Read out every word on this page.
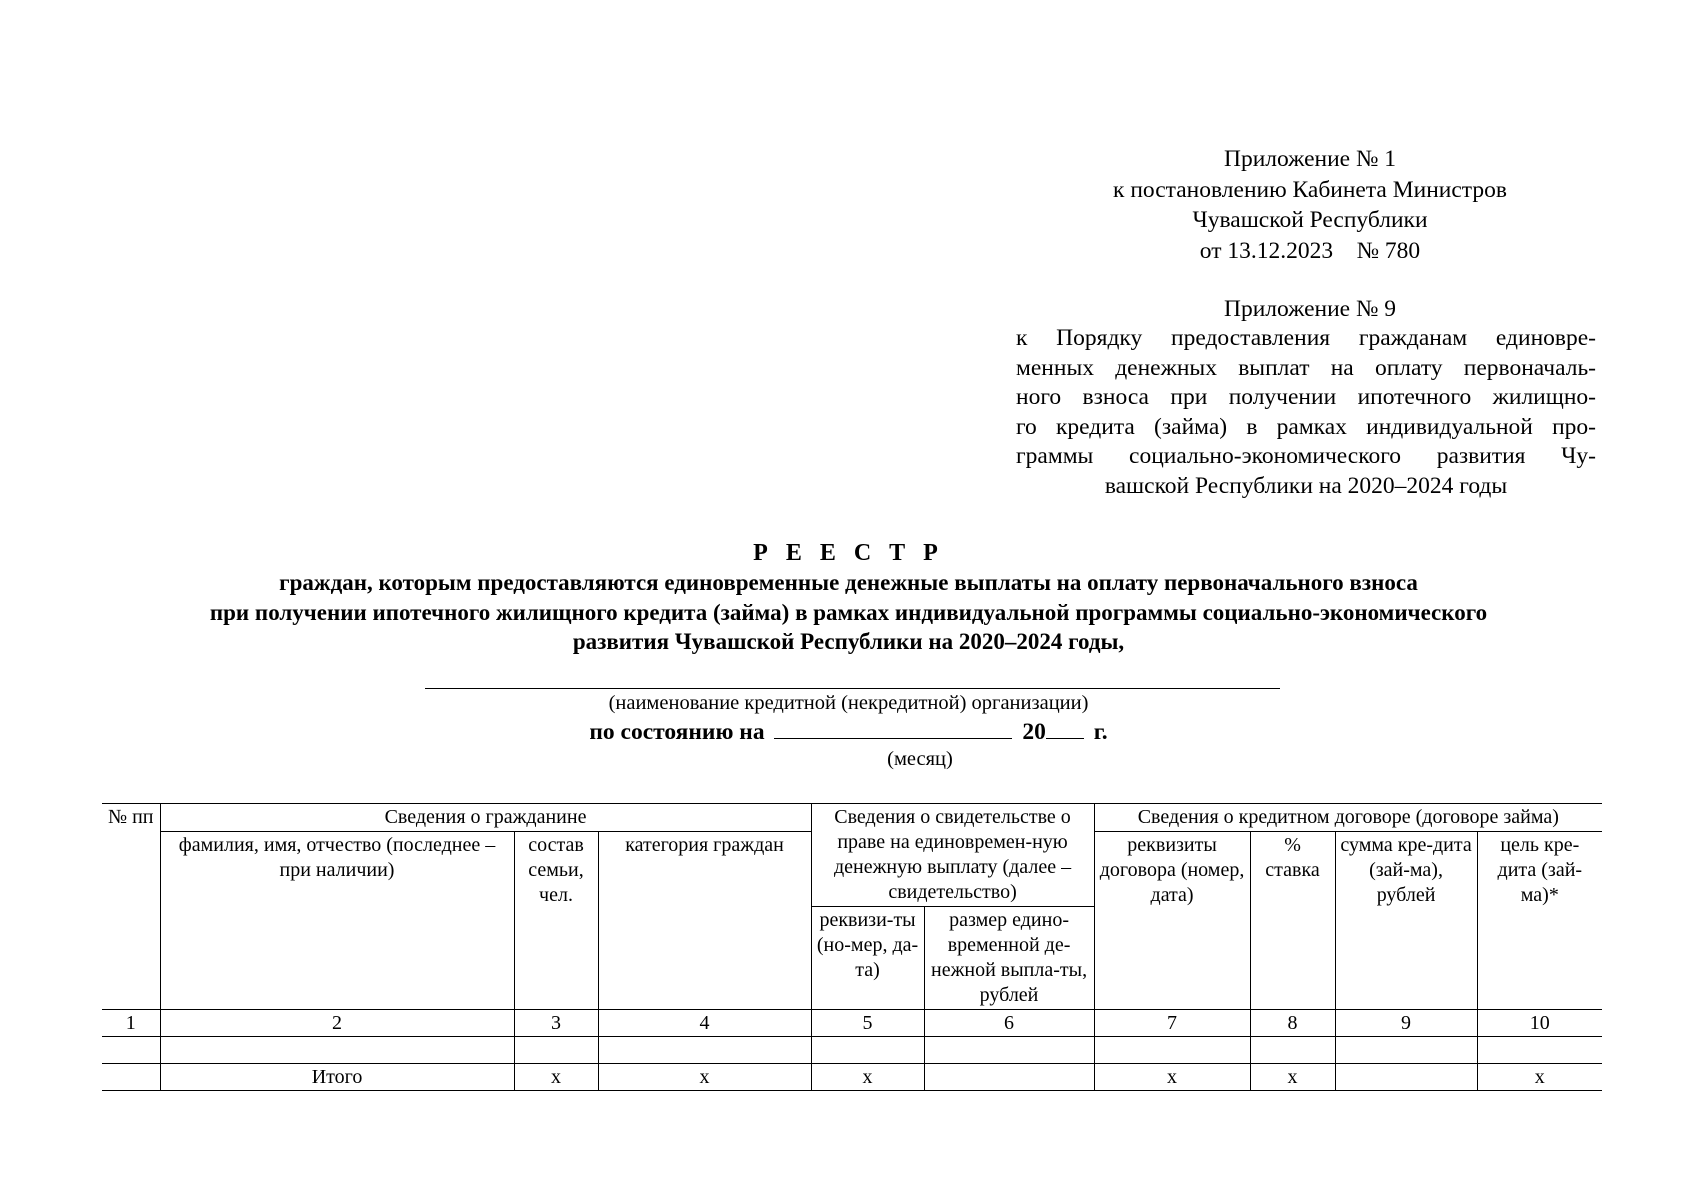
Приложение № 1
к постановлению Кабинета Министров
Чувашской Республики
от 13.12.2023    № 780
Приложение № 9
к Порядку предоставления гражданам единовре-
менных денежных выплат на оплату первоначаль-
ного взноса при получении ипотечного жилищно-
го кредита (займа) в рамках индивидуальной про-
граммы социально-экономического развития Чу-
вашской Республики на 2020–2024 годы
Р Е Е С Т Р
граждан, которым предоставляются единовременные денежные выплаты на оплату первоначального взноса
при получении ипотечного жилищного кредита (займа) в рамках индивидуальной программы социально-экономического
развития Чувашской Республики на 2020–2024 годы,
(наименование кредитной (некредитной) организации)
по состоянию на	20 г.
(месяц)
№ пп	Сведения о гражданине			Сведения о свидетельстве о праве на единовремен-ную денежную выплату (далее – свидетельство)		Сведения о кредитном договоре (договоре займа)			
	фамилия, имя, отчество (последнее – при наличии)	состав семьи, чел.	категория граждан			реквизиты договора (номер, дата)	% ставка	сумма кре-дита (зай-ма), рублей	цель кре-дита (зай-ма)*
				реквизи-ты (но-мер, да-та)	размер едино-временной де-нежной выпла-ты, рублей				
1	2	3	4	5	6	7	8	9	10

	Итого	х	х	х		х	х		х
